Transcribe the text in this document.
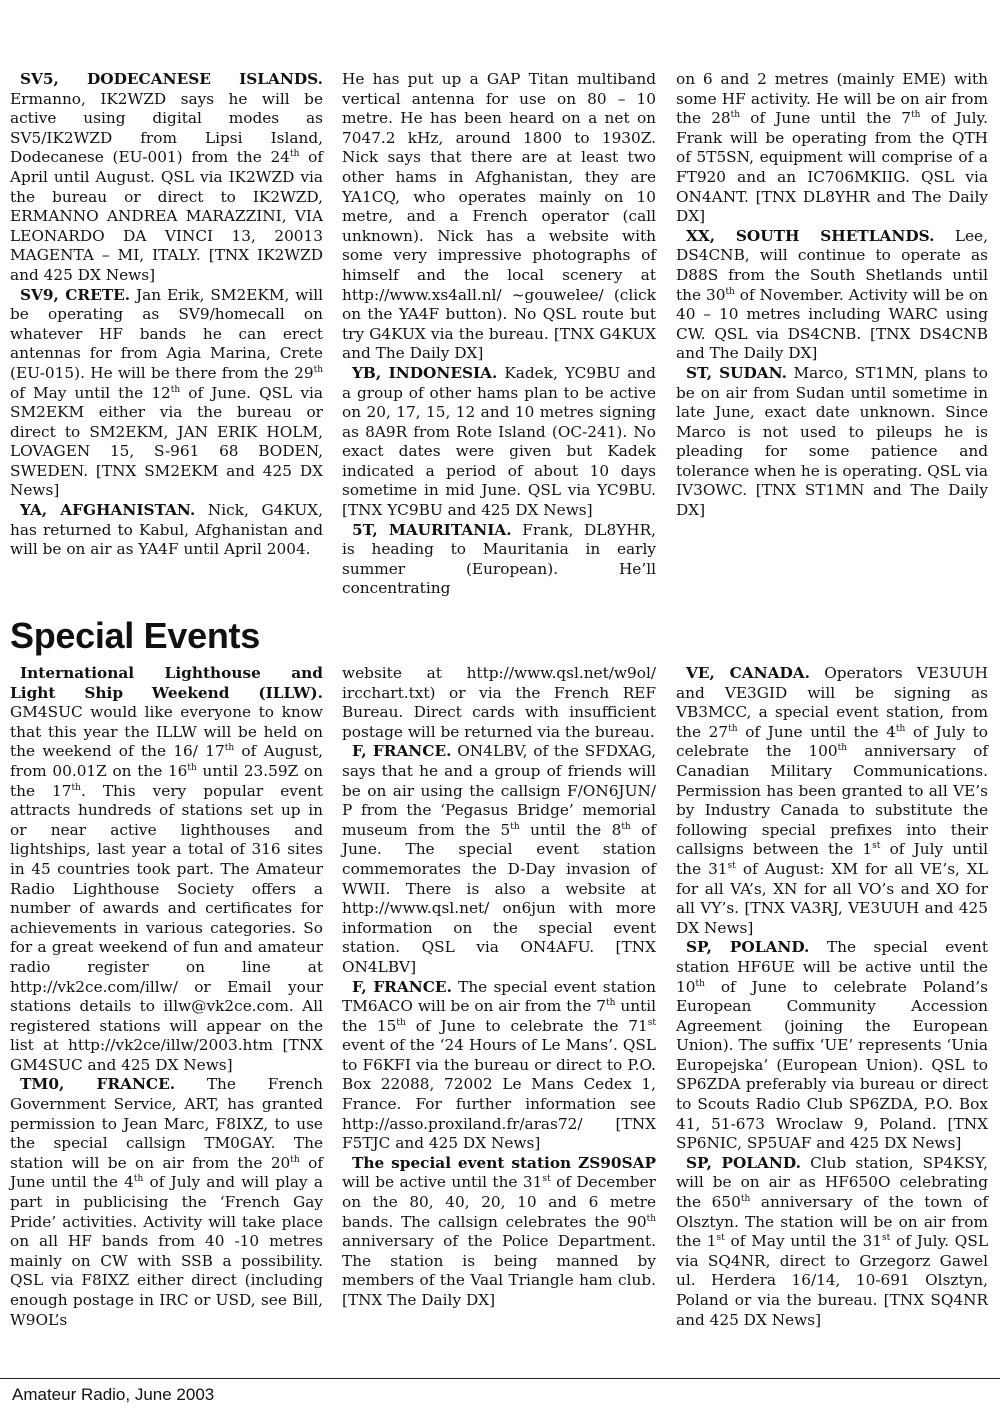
SV5, DODECANESE ISLANDS. Ermanno, IK2WZD says he will be active using digital modes as SV5/IK2WZD from Lipsi Island, Dodecanese (EU-001) from the 24th of April until August. QSL via IK2WZD via the bureau or direct to IK2WZD, ERMANNO ANDREA MARAZZINI, VIA LEONARDO DA VINCI 13, 20013 MAGENTA – MI, ITALY. [TNX IK2WZD and 425 DX News]

SV9, CRETE. Jan Erik, SM2EKM, will be operating as SV9/homecall on whatever HF bands he can erect antennas for from Agia Marina, Crete (EU-015). He will be there from the 29th of May until the 12th of June. QSL via SM2EKM either via the bureau or direct to SM2EKM, JAN ERIK HOLM, LOVAGEN 15, S-961 68 BODEN, SWEDEN. [TNX SM2EKM and 425 DX News]

YA, AFGHANISTAN. Nick, G4KUX, has returned to Kabul, Afghanistan and will be on air as YA4F until April 2004.

He has put up a GAP Titan multiband vertical antenna for use on 80 – 10 metre. He has been heard on a net on 7047.2 kHz, around 1800 to 1930Z. Nick says that there are at least two other hams in Afghanistan, they are YA1CQ, who operates mainly on 10 metre, and a French operator (call unknown). Nick has a website with some very impressive photographs of himself and the local scenery at http://www.xs4all.nl/ ~gouwelee/ (click on the YA4F button). No QSL route but try G4KUX via the bureau. [TNX G4KUX and The Daily DX]

YB, INDONESIA. Kadek, YC9BU and a group of other hams plan to be active on 20, 17, 15, 12 and 10 metres signing as 8A9R from Rote Island (OC-241). No exact dates were given but Kadek indicated a period of about 10 days sometime in mid June. QSL via YC9BU. [TNX YC9BU and 425 DX News]

5T, MAURITANIA. Frank, DL8YHR, is heading to Mauritania in early summer (European). He’ll concentrating

on 6 and 2 metres (mainly EME) with some HF activity. He will be on air from the 28th of June until the 7th of July. Frank will be operating from the QTH of 5T5SN, equipment will comprise of a FT920 and an IC706MKIIG. QSL via ON4ANT. [TNX DL8YHR and The Daily DX]

XX, SOUTH SHETLANDS. Lee, DS4CNB, will continue to operate as D88S from the South Shetlands until the 30th of November. Activity will be on 40 – 10 metres including WARC using CW. QSL via DS4CNB. [TNX DS4CNB and The Daily DX]

ST, SUDAN. Marco, ST1MN, plans to be on air from Sudan until sometime in late June, exact date unknown. Since Marco is not used to pileups he is pleading for some patience and tolerance when he is operating. QSL via IV3OWC. [TNX ST1MN and The Daily DX]

Special Events

International Lighthouse and Light Ship Weekend (ILLW). GM4SUC would like everyone to know that this year the ILLW will be held on the weekend of the 16/ 17th of August, from 00.01Z on the 16th until 23.59Z on the 17th. This very popular event attracts hundreds of stations set up in or near active lighthouses and lightships, last year a total of 316 sites in 45 countries took part. The Amateur Radio Lighthouse Society offers a number of awards and certificates for achievements in various categories. So for a great weekend of fun and amateur radio register on line at http://vk2ce.com/illw/ or Email your stations details to illw@vk2ce.com. All registered stations will appear on the list at http://vk2ce/illw/2003.htm [TNX GM4SUC and 425 DX News]

TM0, FRANCE. The French Government Service, ART, has granted permission to Jean Marc, F8IXZ, to use the special callsign TM0GAY. The station will be on air from the 20th of June until the 4th of July and will play a part in publicising the ‘French Gay Pride’ activities. Activity will take place on all HF bands from 40 -10 metres mainly on CW with SSB a possibility. QSL via F8IXZ either direct (including enough postage in IRC or USD, see Bill, W9OL’s

website at http://www.qsl.net/w9ol/ ircchart.txt) or via the French REF Bureau. Direct cards with insufficient postage will be returned via the bureau.

F, FRANCE. ON4LBV, of the SFDXAG, says that he and a group of friends will be on air using the callsign F/ON6JUN/ P from the ‘Pegasus Bridge’ memorial museum from the 5th until the 8th of June. The special event station commemorates the D-Day invasion of WWII. There is also a website at http://www.qsl.net/ on6jun with more information on the special event station. QSL via ON4AFU. [TNX ON4LBV]

F, FRANCE. The special event station TM6ACO will be on air from the 7th until the 15th of June to celebrate the 71st event of the ‘24 Hours of Le Mans’. QSL to F6KFI via the bureau or direct to P.O. Box 22088, 72002 Le Mans Cedex 1, France. For further information see http://asso.proxiland.fr/aras72/ [TNX F5TJC and 425 DX News]

The special event station ZS90SAP will be active until the 31st of December on the 80, 40, 20, 10 and 6 metre bands. The callsign celebrates the 90th anniversary of the Police Department. The station is being manned by members of the Vaal Triangle ham club. [TNX The Daily DX]

VE, CANADA. Operators VE3UUH and VE3GID will be signing as VB3MCC, a special event station, from the 27th of June until the 4th of July to celebrate the 100th anniversary of Canadian Military Communications. Permission has been granted to all VE’s by Industry Canada to substitute the following special prefixes into their callsigns between the 1st of July until the 31st of August: XM for all VE’s, XL for all VA’s, XN for all VO’s and XO for all VY’s. [TNX VA3RJ, VE3UUH and 425 DX News]

SP, POLAND. The special event station HF6UE will be active until the 10th of June to celebrate Poland’s European Community Accession Agreement (joining the European Union). The suffix ‘UE’ represents ‘Unia Europejska’ (European Union). QSL to SP6ZDA preferably via bureau or direct to Scouts Radio Club SP6ZDA, P.O. Box 41, 51-673 Wroclaw 9, Poland. [TNX SP6NIC, SP5UAF and 425 DX News]

SP, POLAND. Club station, SP4KSY, will be on air as HF650O celebrating the 650th anniversary of the town of Olsztyn. The station will be on air from the 1st of May until the 31st of July. QSL via SQ4NR, direct to Grzegorz Gawel ul. Herdera 16/14, 10-691 Olsztyn, Poland or via the bureau. [TNX SQ4NR and 425 DX News]

Amateur Radio, June 2003
